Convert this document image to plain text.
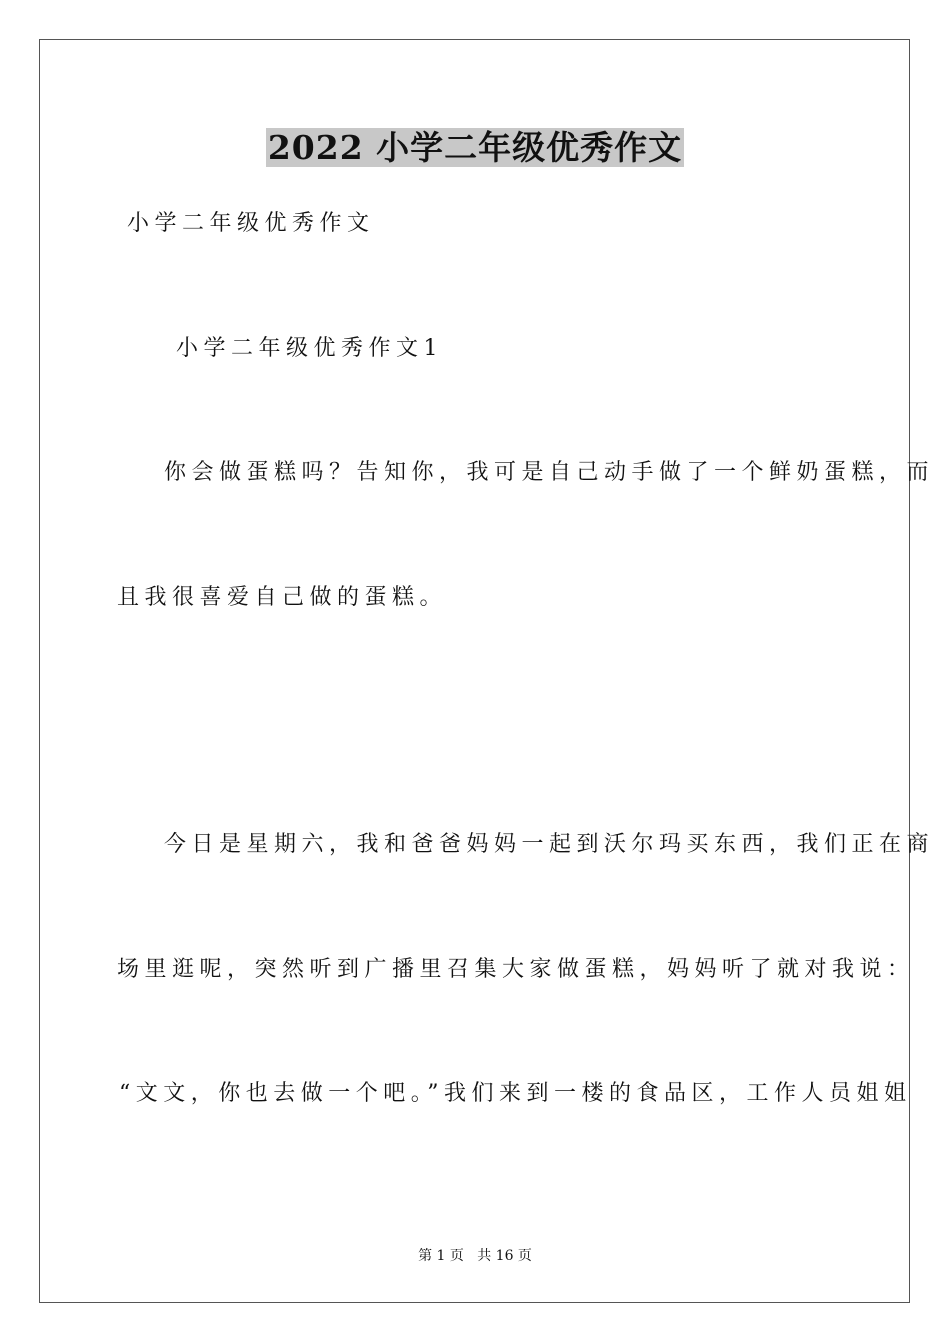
2022 小学二年级优秀作文
小学二年级优秀作文
小学二年级优秀作文1
你会做蛋糕吗？告知你，我可是自己动手做了一个鲜奶蛋糕，而
且我很喜爱自己做的蛋糕。
今日是星期六，我和爸爸妈妈一起到沃尔玛买东西，我们正在商
场里逛呢，突然听到广播里召集大家做蛋糕，妈妈听了就对我说：
“文文，你也去做一个吧。”我们来到一楼的食品区，工作人员姐姐
第 1 页   共 16 页
